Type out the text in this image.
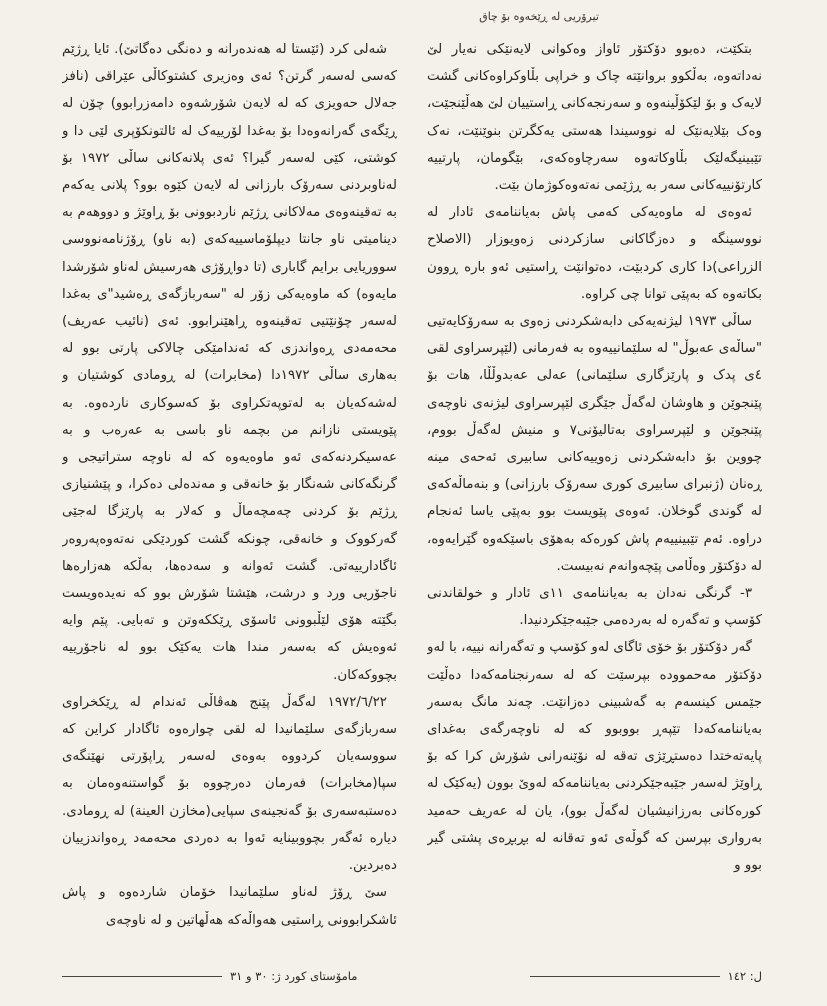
تیرۆریی لە ڕێخەوە بۆ چاق

بتکێت، دەبوو دۆکتۆر ئاواز وەکوانی لایەنێکی نەیار لێ نەداتەوە، بەڵکوو بروانێتە چاک و خراپی بڵاوکراوەکانی گشت لایەک و بۆ لێکۆڵینەوە و سەرنجەکانی ڕاستییان لێ هەڵێنجێت، وەک بێلایەنێک لە نووسیندا هەستی یەکگرتن بنوێنێت، نەک تێبینیگەلێک بڵاوکاتەوە سەرچاوەکەی، بێگومان، پارتییە کارتۆنییەکانی سەر بە ڕژێمی نەتەوەکوژمان بێت.

ئەوەی لە ماوەیەکی کەمی پاش بەیاننامەی ئادار لە نووسینگە و دەزگاکانی سازکردنی زەویوزار (الاصلاح الزراعی)دا کاری کردبێت، دەتوانێت ڕاستیی ئەو بارە ڕوون بکاتەوە کە بەپێی توانا چی کراوە.

ساڵی ١٩٧٣ لیژنەیەکی دابەشکردنی زەوی بە سەرۆکایەتیی "ساڵەی عەبوڵ" لە سلێمانییەوە بە فەرمانی (لێپرسراوی لقی ٤ی پدک و پارێزگاری سلێمانی) عەلی عەبدوڵڵا، هات بۆ پێنجوێن و هاوشان لەگەڵ جێگری لێپرسراوی لیژنەی ناوچەی پێنجوێن و لێپرسراوی بەتالیۆنی٧ و منیش لەگەڵ بووم، چووین بۆ دابەشکردنی زەوییەکانی سابیری ئەحەی مینە ڕەنان (ژنبرای سابیری کوری سەرۆک بارزانی) و بنەماڵەکەی لە گوندی گوخلان. ئەوەی پێویست بوو بەپێی یاسا ئەنجام دراوە. ئەم تێبینییەم پاش کورەکە بەهۆی باسێکەوە گێرایەوە، لە دۆکتۆر وەڵامی پێچەوانەم نەبیست.

٣- گرنگی نەدان بە بەیاننامەی ١١ی ئادار و خولقاندنی کۆسپ و تەگەرە لە بەردەمی جێبەجێکردنیدا.

گەر دۆکتۆر بۆ خۆی ئاگای لەو کۆسپ و تەگەرانە نییە، با لەو دۆکتۆر مەحموودە بپرسێت کە لە سەرنجنامەکەدا دەڵێت جێمس کینسەم بە گەشبینی دەزانێت. چەند مانگ بەسەر بەیاننامەکەدا تێپەڕ بووبوو کە لە ناوچەرگەی بەغدای پایەتەختدا دەستڕێژی تەقە لە نۆێنەرانی شۆرش کرا کە بۆ ڕاوێژ لەسەر جێبەجێکردنی بەیاننامەکە لەوێ بوون (یەکێک لە کورەکانی بەرزانیشیان لەگەڵ بوو)، یان لە عەریف حەمید بەرواری بپرسن کە گوڵەی ئەو تەقانە لە بڕبڕەی پشتی گیر بوو و

شەلی کرد (ئێستا لە هەندەرانە و دەنگی دەگاتێ). ئایا ڕژێم کەسی لەسەر گرتن؟ ئەی وەزیری کشتوکاڵی عێراقی (نافز جەلال حەویزی کە لە لایەن شۆرشەوە دامەزرابوو) چۆن لە ڕێگەی گەرانەوەدا بۆ بەغدا لۆرییەک لە ئالتونکۆپری لێی دا و کوشتی، کێی لەسەر گیرا؟ ئەی پلانەکانی ساڵی ١٩٧٢ بۆ لەناوبردنی سەرۆک بارزانی لە لایەن کێوە بوو؟ پلانی یەکەم بە تەقینەوەی مەلاکانی ڕژێم ناردبوونی بۆ ڕاوێژ و دووهەم بە دینامیتی ناو جانتا دیپلۆماسییەکەی (بە ناو) ڕۆژنامەنووسی سووریایی برایم گاباری (تا دواڕۆژی هەرسیش لەناو شۆرشدا مایەوە) کە ماوەیەکی زۆر لە "سەربازگەی ڕەشید"ی بەغدا لەسەر چۆنێتیی تەقینەوە ڕاهێنرابوو. ئەی (نائیب عەریف) محەمەدی ڕەواندزی کە ئەندامێکی چالاکی پارتی بوو لە بەهاری ساڵی ١٩٧٢دا (مخابرات) لە ڕومادی کوشتیان و لەشەکەیان بە لەتوپەتکراوی بۆ کەسوکاری ناردەوە. بە پێویستی نازانم من بچمە ناو باسی بە عەرەب و بە عەسیکردنەکەی ئەو ماوەیەوە کە لە ناوچە ستراتیجی و گرنگەکانی شەنگار بۆ خانەقی و مەندەلی دەکرا، و پێشنیازی ڕژێم بۆ کردنی چەمچەماڵ و کەلار بە پارێزگا لەجێی گەرکووک و خانەقی، چونکە گشت کوردێکی نەتەوەپەروەر ئاگادارییەتی. گشت ئەوانە و سەدەها، بەڵکە هەزارەها ناجۆریی ورد و درشت، هێشتا شۆرش بوو کە نەیدەویست بگێتە هۆی لێڵبوونی ئاسۆی ڕێککەوتن و تەبایی. پێم وایە ئەوەیش کە بەسەر مندا هات یەکێک بوو لە ناجۆرییە بچووکەکان.

١٩٧٢/٦/٢٢ لەگەڵ پێنج هەڤاڵی ئەندام لە ڕێکخراوی سەربازگەی سلێمانیدا لە لقی چوارەوە ئاگادار کراین کە سووسەیان کردووە بەوەی لەسەر ڕاپۆرتی نهێنگەی سپا(مخابرات) فەرمان دەرچووە بۆ گواستنەوەمان بە دەستبەسەری بۆ گەنجینەی سپایی(مخازن العینة) لە ڕومادی. دیارە ئەگەر بچووبینایە ئەوا بە دەردی محەمەد ڕەواندزییان دەبردین.

سێ ڕۆژ لەناو سلێمانیدا خۆمان شاردەوە و پاش ئاشکرابوونی ڕاستیی هەواڵەکە هەڵهاتین و لە ناوچەی

ل: ١٤٢
مامۆستای کورد ژ: ٣٠ و ٣١
